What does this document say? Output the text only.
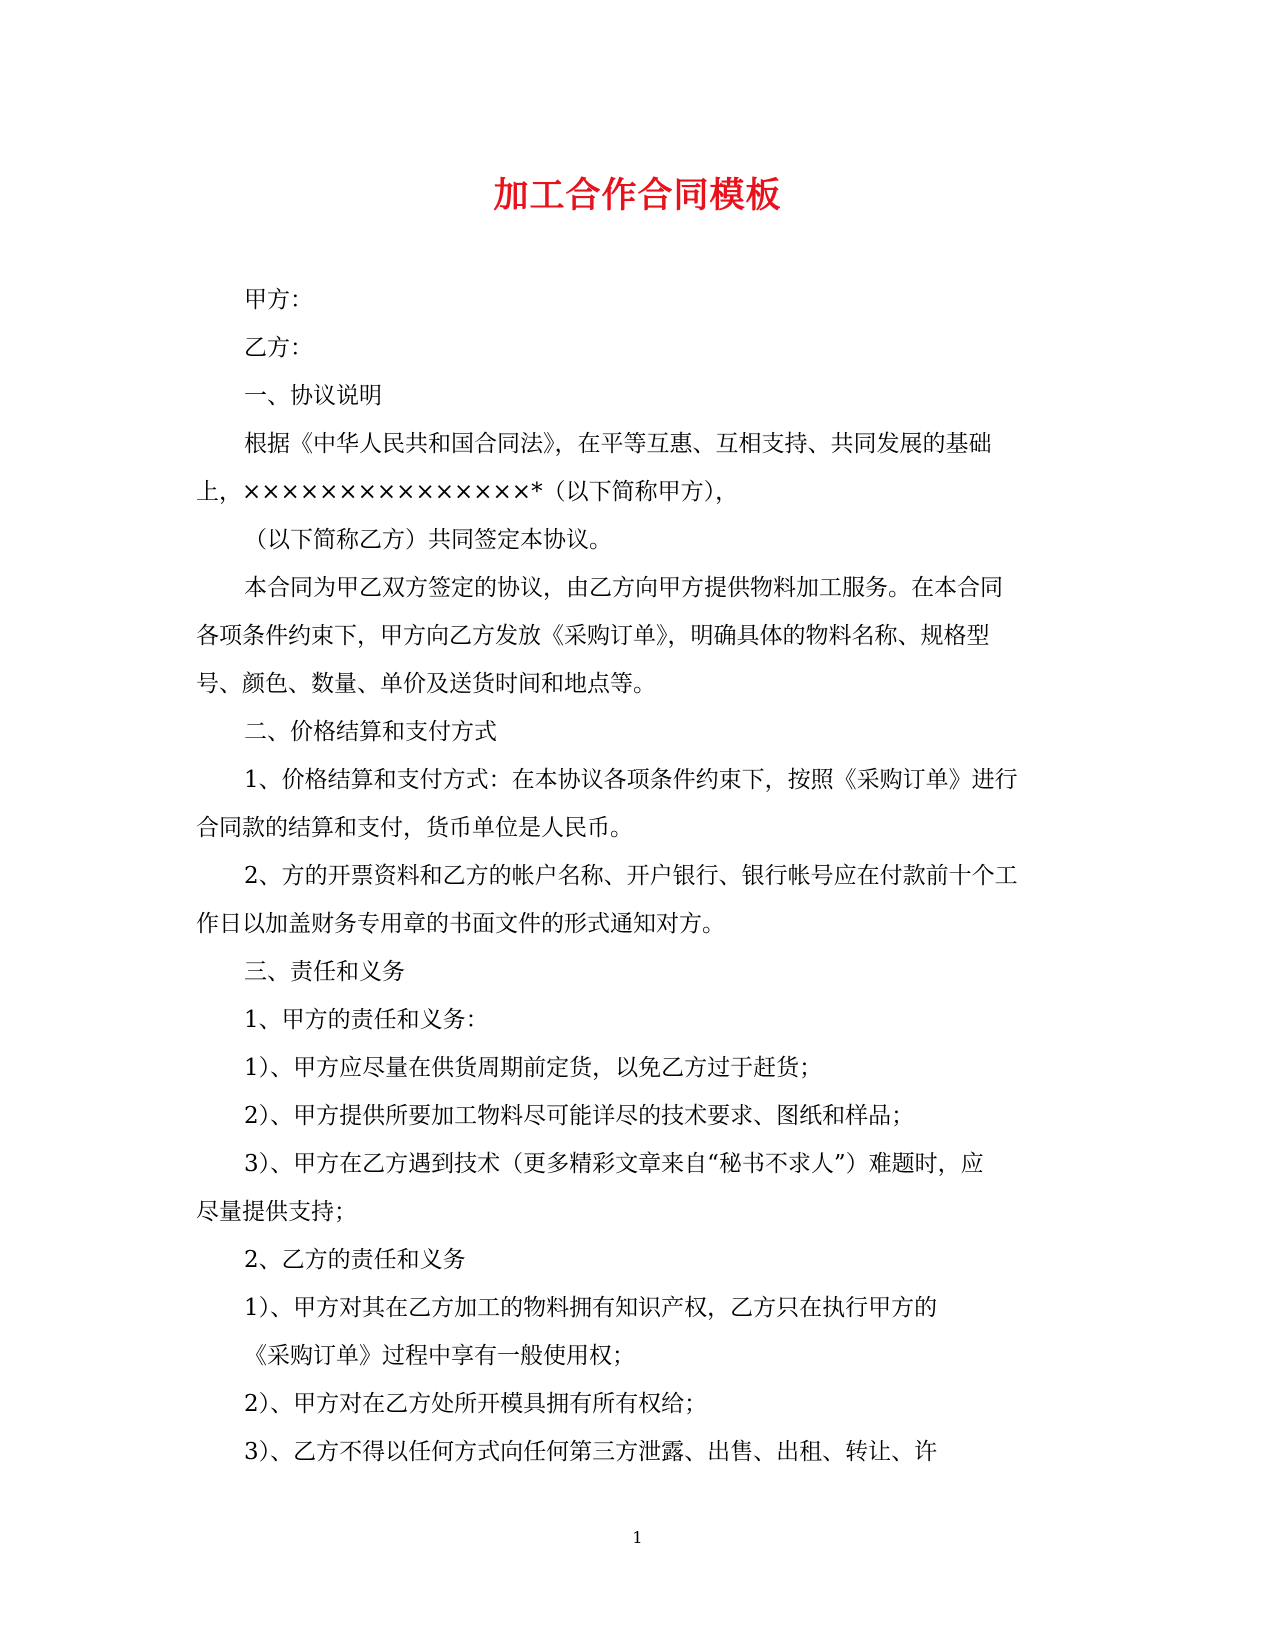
加工合作合同模板

甲方：

乙方：

一、协议说明

根据《中华人民共和国合同法》，在平等互惠、互相支持、共同发展的基础

上，×××××××××××××××*（以下简称甲方），

（以下简称乙方）共同签定本协议。

本合同为甲乙双方签定的协议，由乙方向甲方提供物料加工服务。在本合同

各项条件约束下，甲方向乙方发放《采购订单》，明确具体的物料名称、规格型

号、颜色、数量、单价及送货时间和地点等。

二、价格结算和支付方式

1、价格结算和支付方式：在本协议各项条件约束下，按照《采购订单》进行

合同款的结算和支付，货币单位是人民币。

2、方的开票资料和乙方的帐户名称、开户银行、银行帐号应在付款前十个工

作日以加盖财务专用章的书面文件的形式通知对方。

三、责任和义务

1、甲方的责任和义务：

1）、甲方应尽量在供货周期前定货，以免乙方过于赶货；

2）、甲方提供所要加工物料尽可能详尽的技术要求、图纸和样品；

3）、甲方在乙方遇到技术（更多精彩文章来自“秘书不求人”）难题时，应

尽量提供支持；

2、乙方的责任和义务

1）、甲方对其在乙方加工的物料拥有知识产权，乙方只在执行甲方的

《采购订单》过程中享有一般使用权；

2）、甲方对在乙方处所开模具拥有所有权给；

3）、乙方不得以任何方式向任何第三方泄露、出售、出租、转让、许

1
